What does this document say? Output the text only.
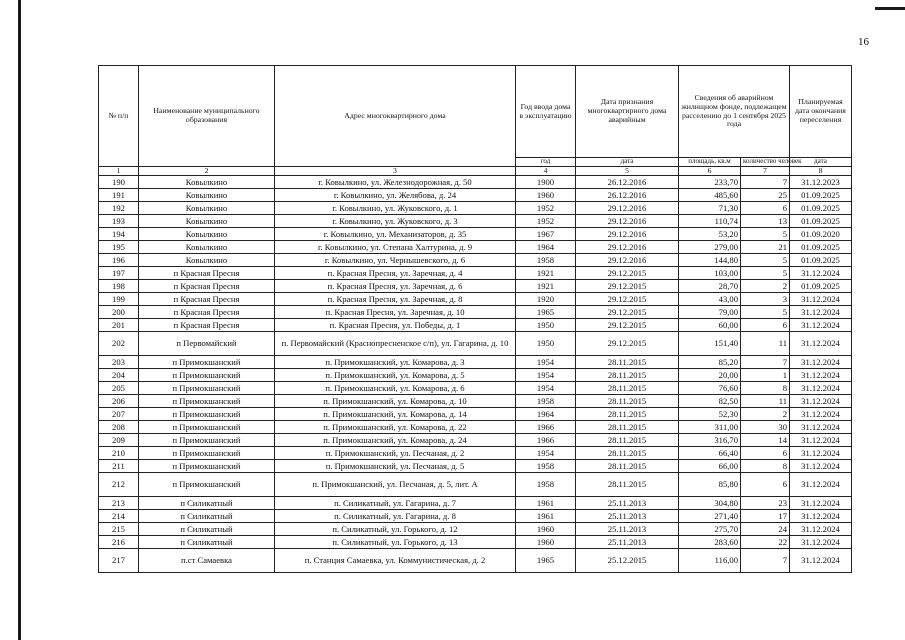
16
№ п/п	Наименование муниципального образования	Адрес многоквартирного дома	Год ввода дома в эксплуатацию	Дата признания многоквартирного дома аварийным	Сведения об аварийном жилищном фонде, подлежащем расселению до 1 сентября 2025 года		Планируемая дата окончания переселения
			год	дата	площадь, кв.м	количество человек	дата
1	2	3	4	5	6	7	8
190	Ковылкино	г. Ковылкино, ул. Железнодорожная, д. 50	1900	26.12.2016	233,70	7	31.12.2023
191	Ковылкино	г. Ковылкино, ул. Желябова, д. 24	1960	26.12.2016	485,60	25	01.09.2025
192	Ковылкино	г. Ковылкино, ул. Жуковского, д. 1	1952	29.12.2016	71,30	6	01.09.2025
193	Ковылкино	г. Ковылкино, ул. Жуковского, д. 3	1952	29.12.2016	110,74	13	01.09.2025
194	Ковылкино	г. Ковылкино, ул. Механизаторов, д. 35	1967	29.12.2016	53,20	5	01.09.2020
195	Ковылкино	г. Ковылкино, ул. Степана Халтурина, д. 9	1964	29.12.2016	279,00	21	01.09.2025
196	Ковылкино	г. Ковылкино, ул. Чернышевского, д. 6	1958	29.12.2016	144,80	5	01.09.2025
197	п Красная Пресня	п. Красная Пресня, ул. Заречная, д. 4	1921	29.12.2015	103,00	5	31.12.2024
198	п Красная Пресня	п. Красная Пресня, ул. Заречная, д. 6	1921	29.12.2015	28,70	2	01.09.2025
199	п Красная Пресня	п. Красная Пресня, ул. Заречная, д. 8	1920	29.12.2015	43,00	3	31.12.2024
200	п Красная Пресня	п. Красная Пресня, ул. Заречная, д. 10	1965	29.12.2015	79,00	5	31.12.2024
201	п Красная Пресня	п. Красная Пресня, ул. Победы, д. 1	1950	29.12.2015	60,00	6	31.12.2024
202	п Первомайский	п. Первомайский (Краснопресненское с/п), ул. Гагарина, д. 10	1950	29.12.2015	151,40	11	31.12.2024
203	п Примокшанский	п. Примокшанский, ул. Комарова, д. 3	1954	28.11.2015	85,20	7	31.12.2024
204	п Примокшанский	п. Примокшанский, ул. Комарова, д. 5	1954	28.11.2015	20,00	1	31.12.2024
205	п Примокшанский	п. Примокшанский, ул. Комарова, д. 6	1954	28.11.2015	76,60	8	31.12.2024
206	п Примокшанский	п. Примокшанский, ул. Комарова, д. 10	1958	28.11.2015	82,50	11	31.12.2024
207	п Примокшанский	п. Примокшанский, ул. Комарова, д. 14	1964	28.11.2015	52,30	2	31.12.2024
208	п Примокшанский	п. Примокшанский, ул. Комарова, д. 22	1966	28.11.2015	311,00	30	31.12.2024
209	п Примокшанский	п. Примокшанский, ул. Комарова, д. 24	1966	28.11.2015	316,70	14	31.12.2024
210	п Примокшанский	п. Примокшанский, ул. Песчаная, д. 2	1954	28.11.2015	66,40	6	31.12.2024
211	п Примокшанский	п. Примокшанский, ул. Песчаная, д. 5	1958	28.11.2015	66,00	8	31.12.2024
212	п Примокшанский	п. Примокшанский, ул. Песчаная, д. 5, лит. А	1958	28.11.2015	85,80	6	31.12.2024
213	п Силикатный	п. Силикатный, ул. Гагарина, д. 7	1961	25.11.2013	304,80	23	31.12.2024
214	п Силикатный	п. Силикатный, ул. Гагарина, д. 8	1961	25.11.2013	271,40	17	31.12.2024
215	п Силикатный	п. Силикатный, ул. Горького, д. 12	1960	25.11.2013	275,70	24	31.12.2024
216	п Силикатный	п. Силикатный, ул. Горького, д. 13	1960	25.11.2013	283,60	22	31.12.2024
217	п.ст Самаевка	п. Станция Самаевка, ул. Коммунистическая, д. 2	1965	25.12.2015	116,00	7	31.12.2024
